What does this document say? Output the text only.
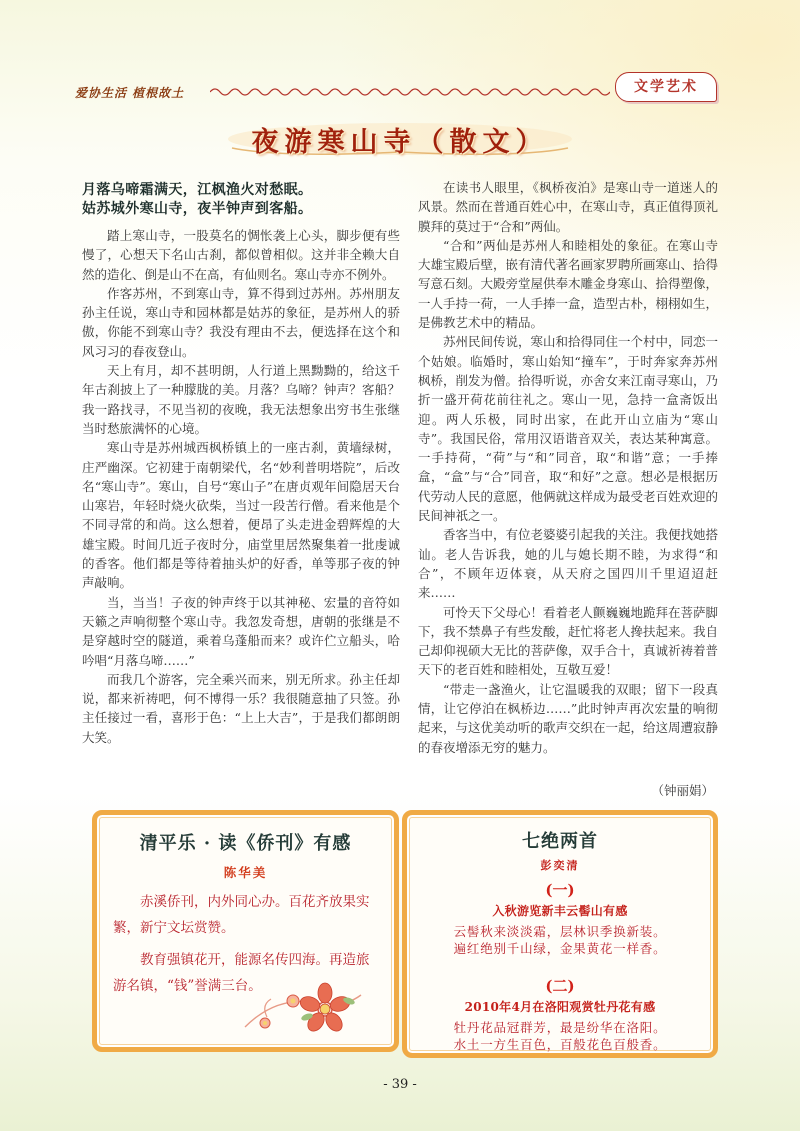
爱协生活 植根故土	文学艺术
夜游寒山寺（散文）
月落乌啼霜满天，江枫渔火对愁眠。
姑苏城外寒山寺，夜半钟声到客船。

踏上寒山寺，一股莫名的惆怅袭上心头，脚步便有些慢了，心想天下名山古刹，都似曾相似。这并非全赖大自然的造化、倒是山不在高，有仙则名。寒山寺亦不例外。

作客苏州，不到寒山寺，算不得到过苏州。苏州朋友孙主任说，寒山寺和园林都是姑苏的象征，是苏州人的骄傲，你能不到寒山寺？我没有理由不去，便选择在这个和风习习的春夜登山。

天上有月，却不甚明朗，人行道上黑黝黝的，给这千年古刹披上了一种朦胧的美。月落？乌啼？钟声？客船？我一路找寻，不见当初的夜晚，我无法想象出穷书生张继当时愁旅满怀的心境。

寒山寺是苏州城西枫桥镇上的一座古刹，黄墙绿树，庄严幽深。它初建于南朝梁代，名“妙利普明塔院”，后改名“寒山寺”。寒山，自号“寒山子”在唐贞观年间隐居天台山寒岩，年轻时烧火砍柴，当过一段苦行僧。看来他是个不同寻常的和尚。这么想着，便昂了头走进金碧辉煌的大雄宝殿。时间几近子夜时分，庙堂里居然聚集着一批虔诚的香客。他们都是等待着抽头炉的好香，单等那子夜的钟声敲响。

当，当当！子夜的钟声终于以其神秘、宏量的音符如天籁之声响彻整个寒山寺。我忽发奇想，唐朝的张继是不是穿越时空的隧道，乘着乌蓬船而来？或许伫立船头，哈吟唱“月落乌啼……”

而我几个游客，完全乘兴而来，别无所求。孙主任却说，都来祈祷吧，何不博得一乐？我很随意抽了只签。孙主任接过一看，喜形于色：“上上大吉”，于是我们都朗朗大笑。

在读书人眼里，《枫桥夜泊》是寒山寺一道迷人的风景。然而在普通百姓心中，在寒山寺，真正值得顶礼膜拜的莫过于“合和”两仙。

“合和”两仙是苏州人和睦相处的象征。在寒山寺大雄宝殿后壁，嵌有清代著名画家罗聘所画寒山、拾得写意石刻。大殿旁堂屋供奉木雕金身寒山、拾得塑像，一人手持一荷，一人手捧一盒，造型古朴，栩栩如生，是佛教艺术中的精品。

苏州民间传说，寒山和拾得同住一个村中，同恋一个姑娘。临婚时，寒山始知“撞车”，于时奔家奔苏州枫桥，削发为僧。拾得听说，亦舍女来江南寻寒山，乃折一盛开荷花前往礼之。寒山一见，急持一盒斋饭出迎。两人乐极，同时出家，在此开山立庙为“寒山寺”。我国民俗，常用汉语谐音双关，表达某种寓意。一手持荷，“荷”与“和”同音，取“和谐”意；一手捧盒，“盒”与“合”同音，取“和好”之意。想必是根据历代劳动人民的意愿，他俩就这样成为最受老百姓欢迎的民间神祇之一。

香客当中，有位老婆婆引起我的关注。我便找她搭讪。老人告诉我，她的儿与媳长期不睦，为求得“和合”，不顾年迈体衰，从天府之国四川千里迢迢赶来……

可怜天下父母心！看着老人颤巍巍地跪拜在菩萨脚下，我不禁鼻子有些发酸，赶忙将老人搀扶起来。我自己却仰视硕大无比的菩萨像，双手合十，真诚祈祷着普天下的老百姓和睦相处，互敬互爱！

“带走一盏渔火，让它温暖我的双眼；留下一段真情，让它停泊在枫桥边……”此时钟声再次宏量的响彻起来，与这优美动听的歌声交织在一起，给这周遭寂静的春夜增添无穷的魅力。

（钟丽娟）
清平乐 · 读《侨刊》有感
陈华美

赤溪侨刊，内外同心办。百花齐放果实繁，新宁文坛赏赞。

教育强镇花开，能源名传四海。再造旅游名镇，“钱”誉满三台。

七绝两首
彭奕清
(一)
入秋游览新丰云髻山有感
云髻秋来淡淡霜，层林识季换新装。
遍红绝别千山绿，金果黄花一样香。
(二)
2010年4月在洛阳观赏牡丹花有感
牡丹花品冠群芳，最是纷华在洛阳。
水土一方生百色，百般花色百般香。
- 39 -
